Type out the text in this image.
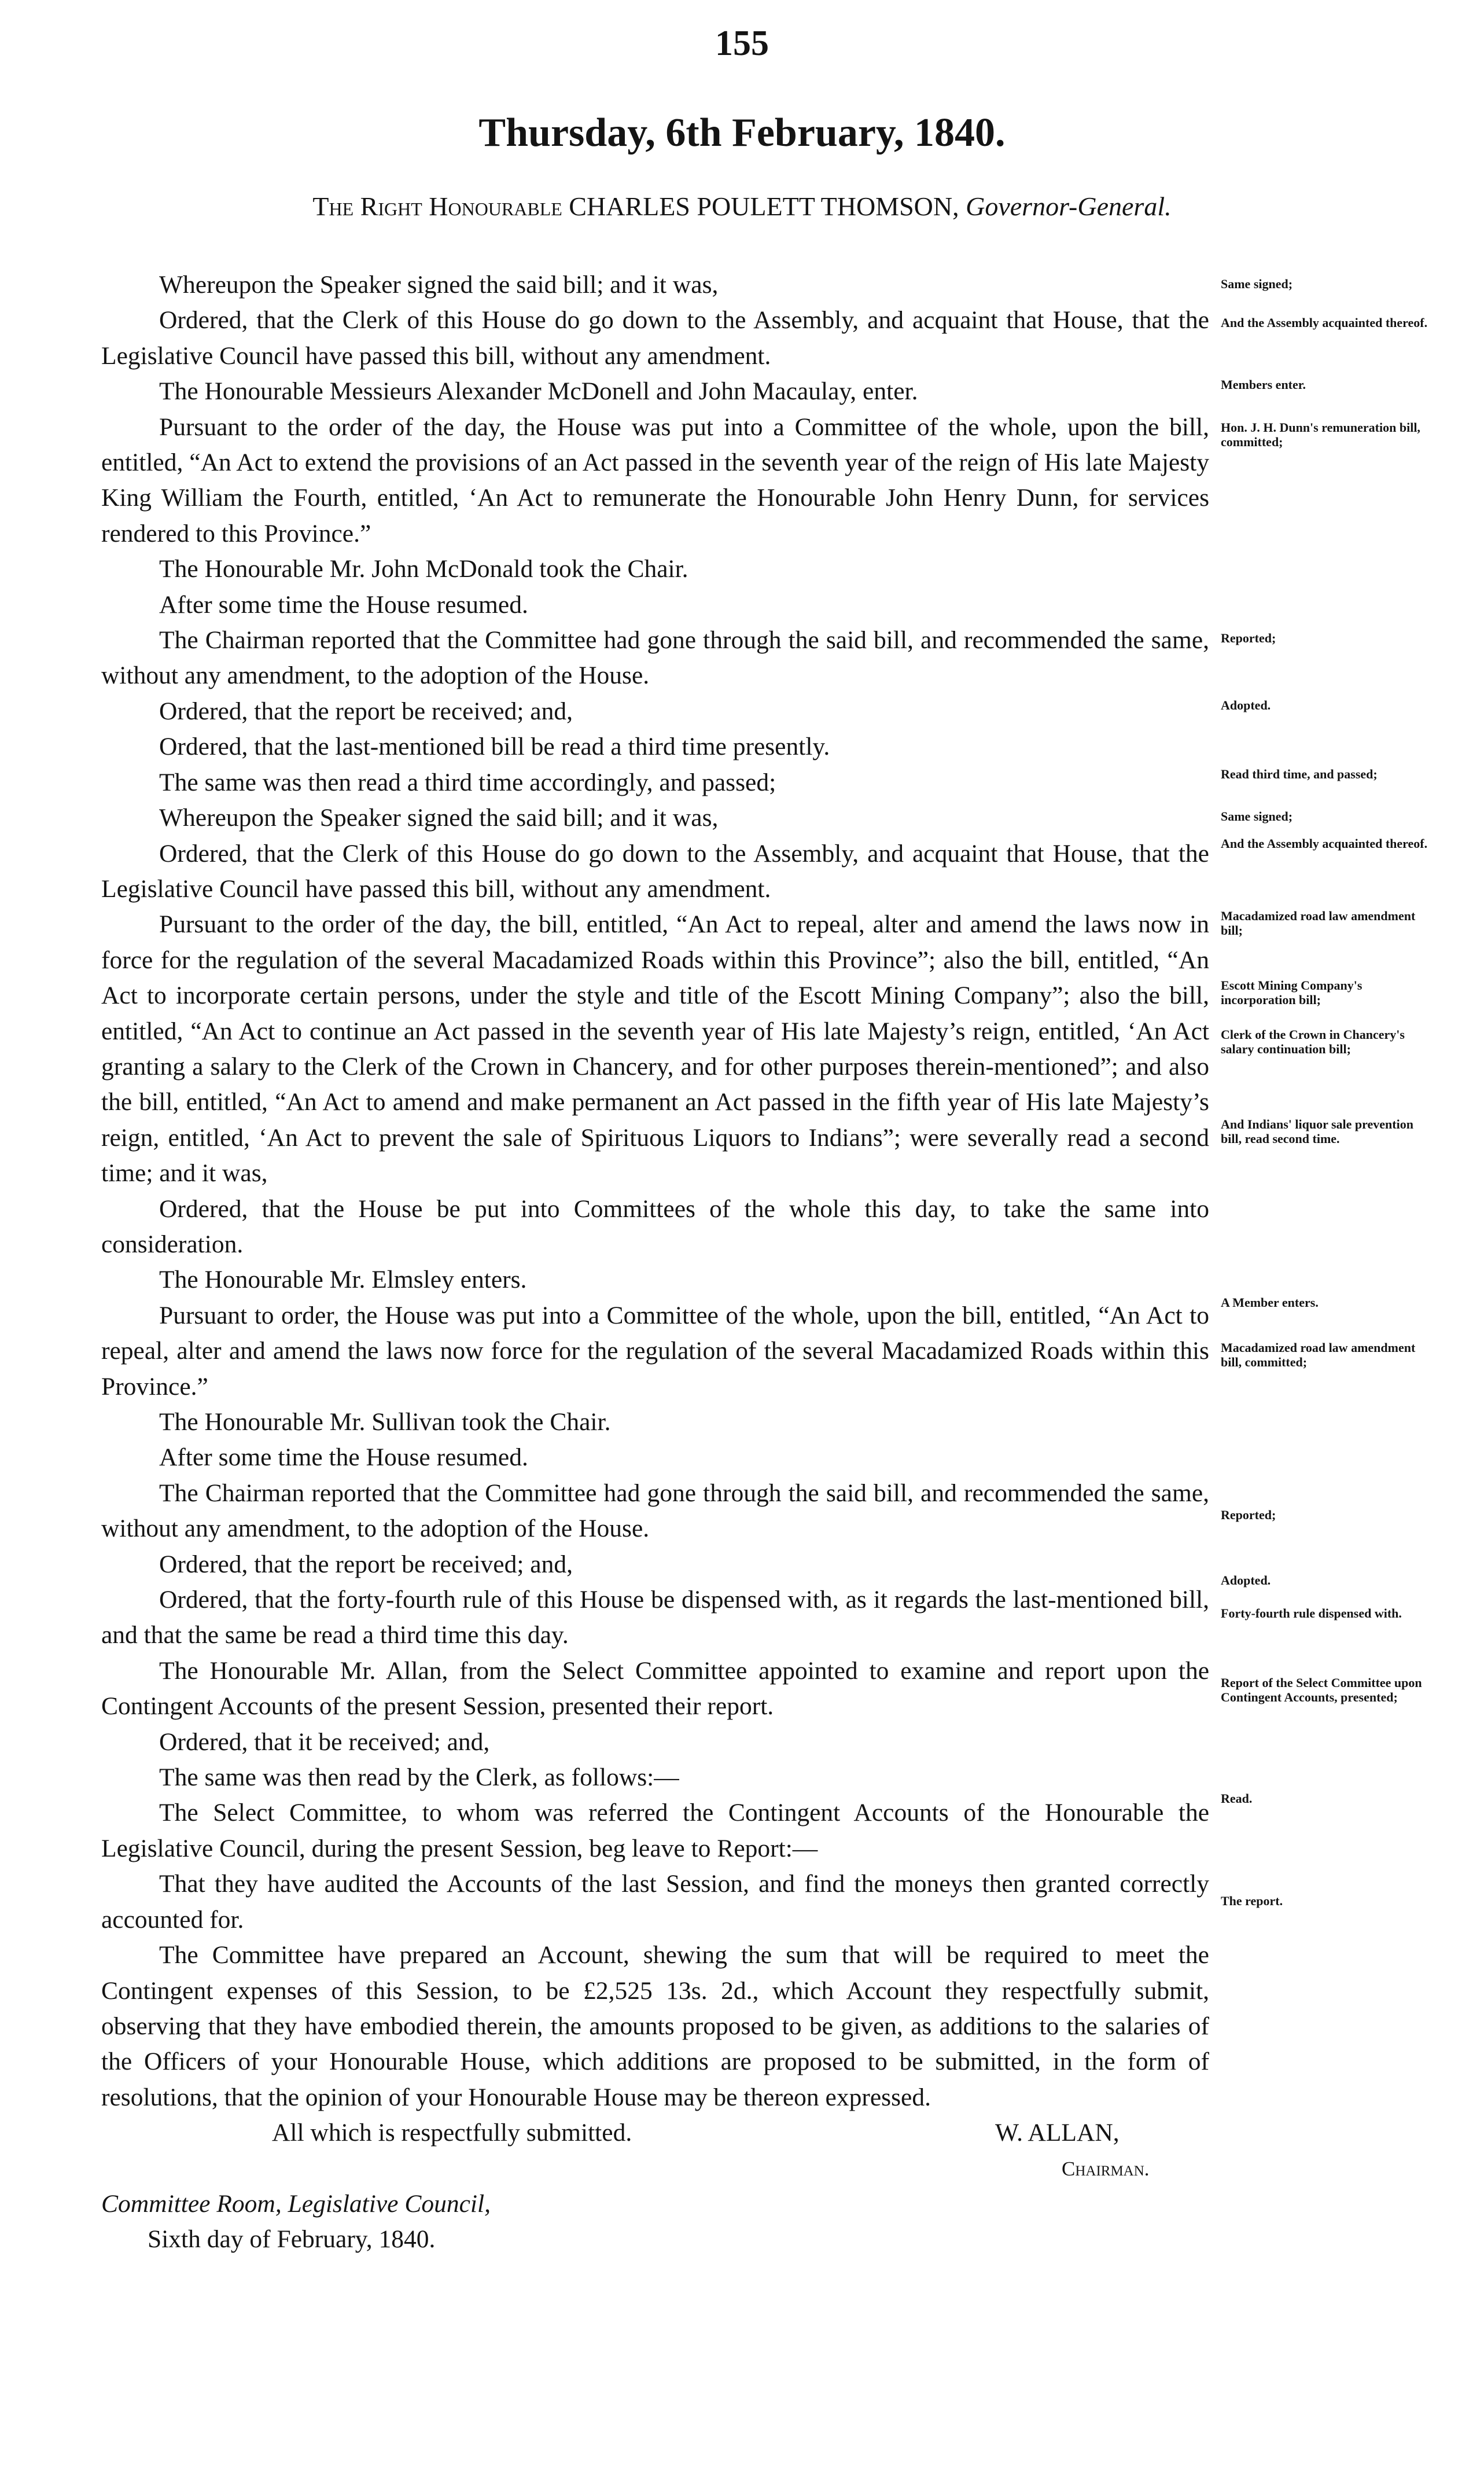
155
Thursday, 6th February, 1840.
The Right Honourable CHARLES POULETT THOMSON, Governor-General.

Whereupon the Speaker signed the said bill; and it was,

Ordered, that the Clerk of this House do go down to the Assembly, and acquaint that House, that the Legislative Council have passed this bill, without any amendment.

The Honourable Messieurs Alexander McDonell and John Macaulay, enter.

Pursuant to the order of the day, the House was put into a Committee of the whole, upon the bill, entitled, “An Act to extend the provisions of an Act passed in the seventh year of the reign of His late Majesty King William the Fourth, entitled, ‘An Act to remunerate the Honourable John Henry Dunn, for services rendered to this Province.”

The Honourable Mr. John McDonald took the Chair.

After some time the House resumed.

The Chairman reported that the Committee had gone through the said bill, and recommended the same, without any amendment, to the adoption of the House.

Ordered, that the report be received; and,

Ordered, that the last-mentioned bill be read a third time presently.

The same was then read a third time accordingly, and passed;

Whereupon the Speaker signed the said bill; and it was,

Ordered, that the Clerk of this House do go down to the Assembly, and acquaint that House, that the Legislative Council have passed this bill, without any amendment.

Pursuant to the order of the day, the bill, entitled, “An Act to repeal, alter and amend the laws now in force for the regulation of the several Macadamized Roads within this Province”; also the bill, entitled, “An Act to incorporate certain persons, under the style and title of the Escott Mining Company”; also the bill, entitled, “An Act to continue an Act passed in the seventh year of His late Majesty’s reign, entitled, ‘An Act granting a salary to the Clerk of the Crown in Chancery, and for other purposes therein-mentioned”; and also the bill, entitled, “An Act to amend and make permanent an Act passed in the fifth year of His late Majesty’s reign, entitled, ‘An Act to prevent the sale of Spirituous Liquors to Indians”; were severally read a second time; and it was,

Ordered, that the House be put into Committees of the whole this day, to take the same into consideration.

The Honourable Mr. Elmsley enters.

Pursuant to order, the House was put into a Committee of the whole, upon the bill, entitled, “An Act to repeal, alter and amend the laws now force for the regulation of the several Macadamized Roads within this Province.”

The Honourable Mr. Sullivan took the Chair.

After some time the House resumed.

The Chairman reported that the Committee had gone through the said bill, and recommended the same, without any amendment, to the adoption of the House.

Ordered, that the report be received; and,

Ordered, that the forty-fourth rule of this House be dispensed with, as it regards the last-mentioned bill, and that the same be read a third time this day.

The Honourable Mr. Allan, from the Select Committee appointed to examine and report upon the Contingent Accounts of the present Session, presented their report.

Ordered, that it be received; and,

The same was then read by the Clerk, as follows:—

The Select Committee, to whom was referred the Contingent Accounts of the Honourable the Legislative Council, during the present Session, beg leave to Report:—

That they have audited the Accounts of the last Session, and find the moneys then granted correctly accounted for.

The Committee have prepared an Account, shewing the sum that will be required to meet the Contingent expenses of this Session, to be £2,525 13s. 2d., which Account they respectfully submit, observing that they have embodied therein, the amounts proposed to be given, as additions to the salaries of the Officers of your Honourable House, which additions are proposed to be submitted, in the form of resolutions, that the opinion of your Honourable House may be thereon expressed.

All which is respectfully submitted.	W. ALLAN,
Chairman.
Committee Room, Legislative Council,
Sixth day of February, 1840.
Same signed;
And the Assembly acquainted thereof.
Members enter.
Hon. J. H. Dunn's remuneration bill, committed;
Reported;
Adopted.
Read third time, and passed;
Same signed;
And the Assembly acquainted thereof.
Macadamized road law amendment bill;
Escott Mining Company's incorporation bill;
Clerk of the Crown in Chancery's salary continuation bill;
And Indians' liquor sale prevention bill, read second time.
A Member enters.
Macadamized road law amendment bill, committed;
Reported;
Adopted.
Forty-fourth rule dispensed with.
Report of the Select Committee upon Contingent Accounts, presented;
Read.
The report.
